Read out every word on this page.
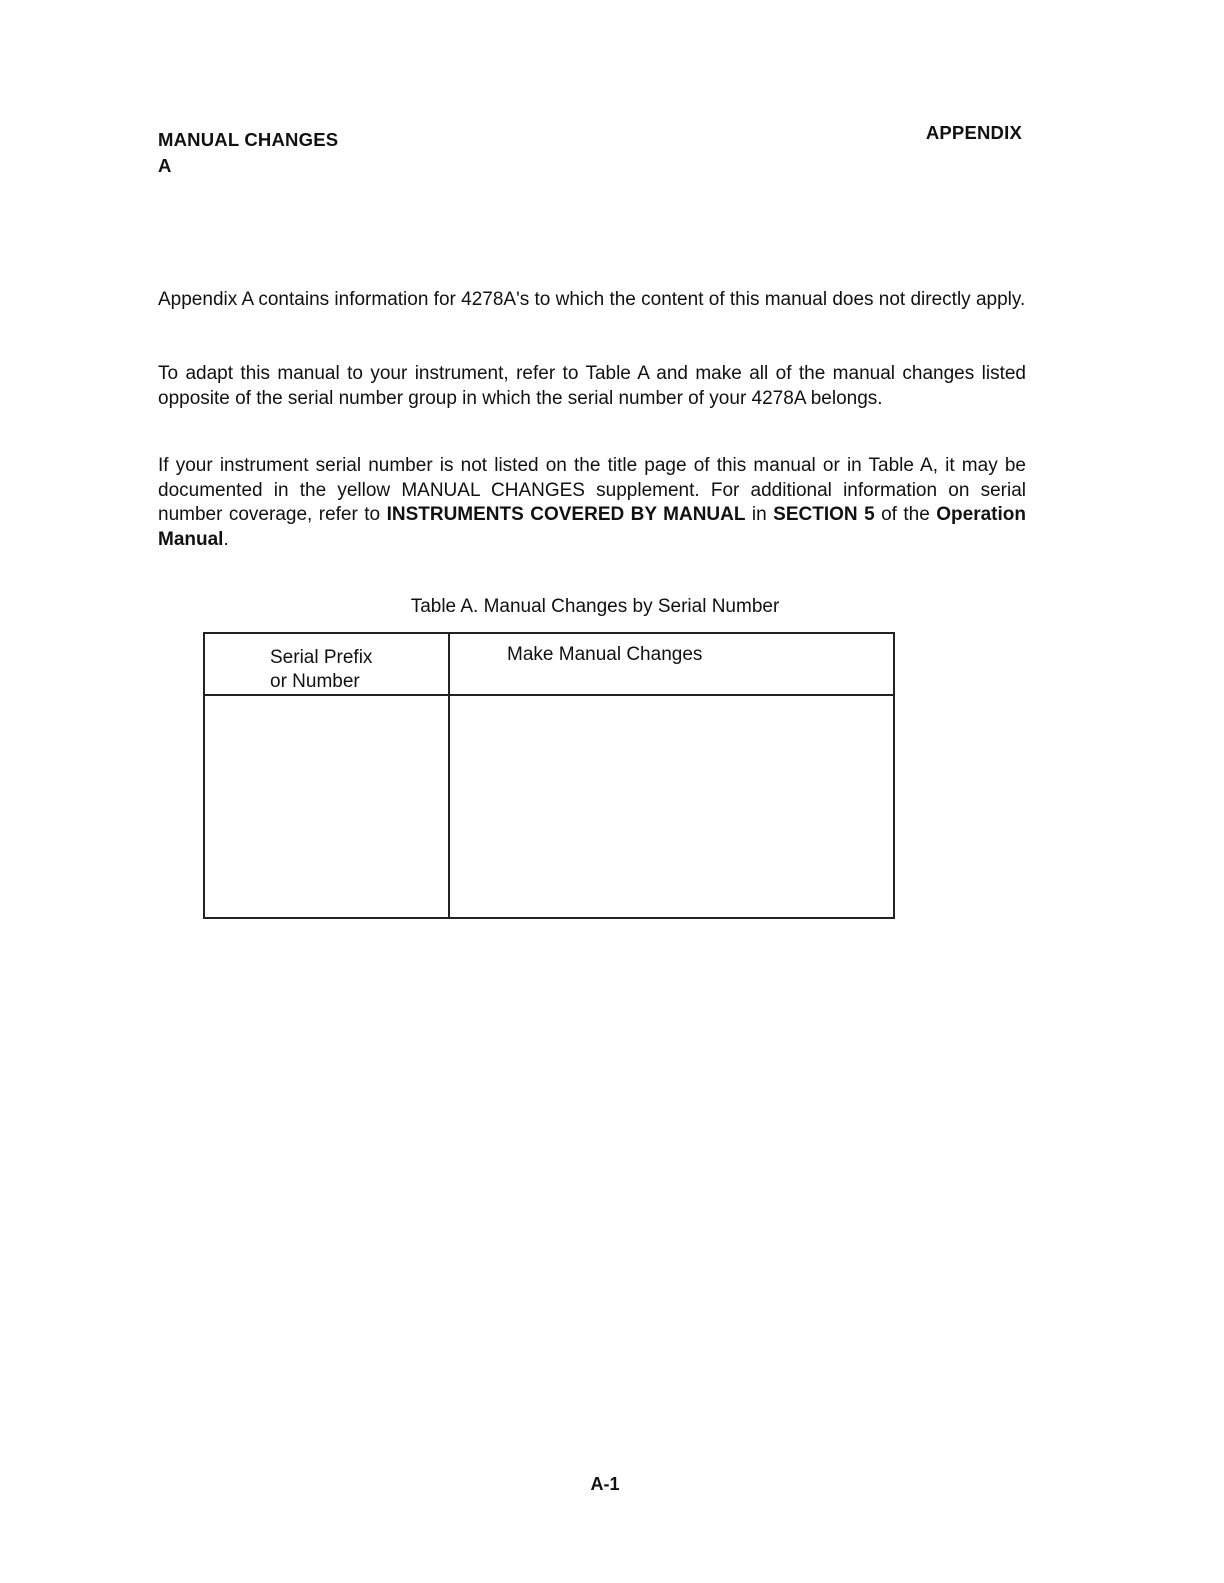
MANUAL CHANGES
A
APPENDIX
Appendix A contains information for 4278A's to which the content of this manual does not directly apply.
To adapt this manual to your instrument, refer to Table A and make all of the manual changes listed opposite of the serial number group in which the serial number of your 4278A belongs.
If your instrument serial number is not listed on the title page of this manual or in Table A, it may be documented in the yellow MANUAL CHANGES supplement. For additional information on serial number coverage, refer to INSTRUMENTS COVERED BY MANUAL in SECTION 5 of the Operation Manual.
Table A. Manual Changes by Serial Number
Serial Prefix
or Number
Make Manual Changes
A-1
